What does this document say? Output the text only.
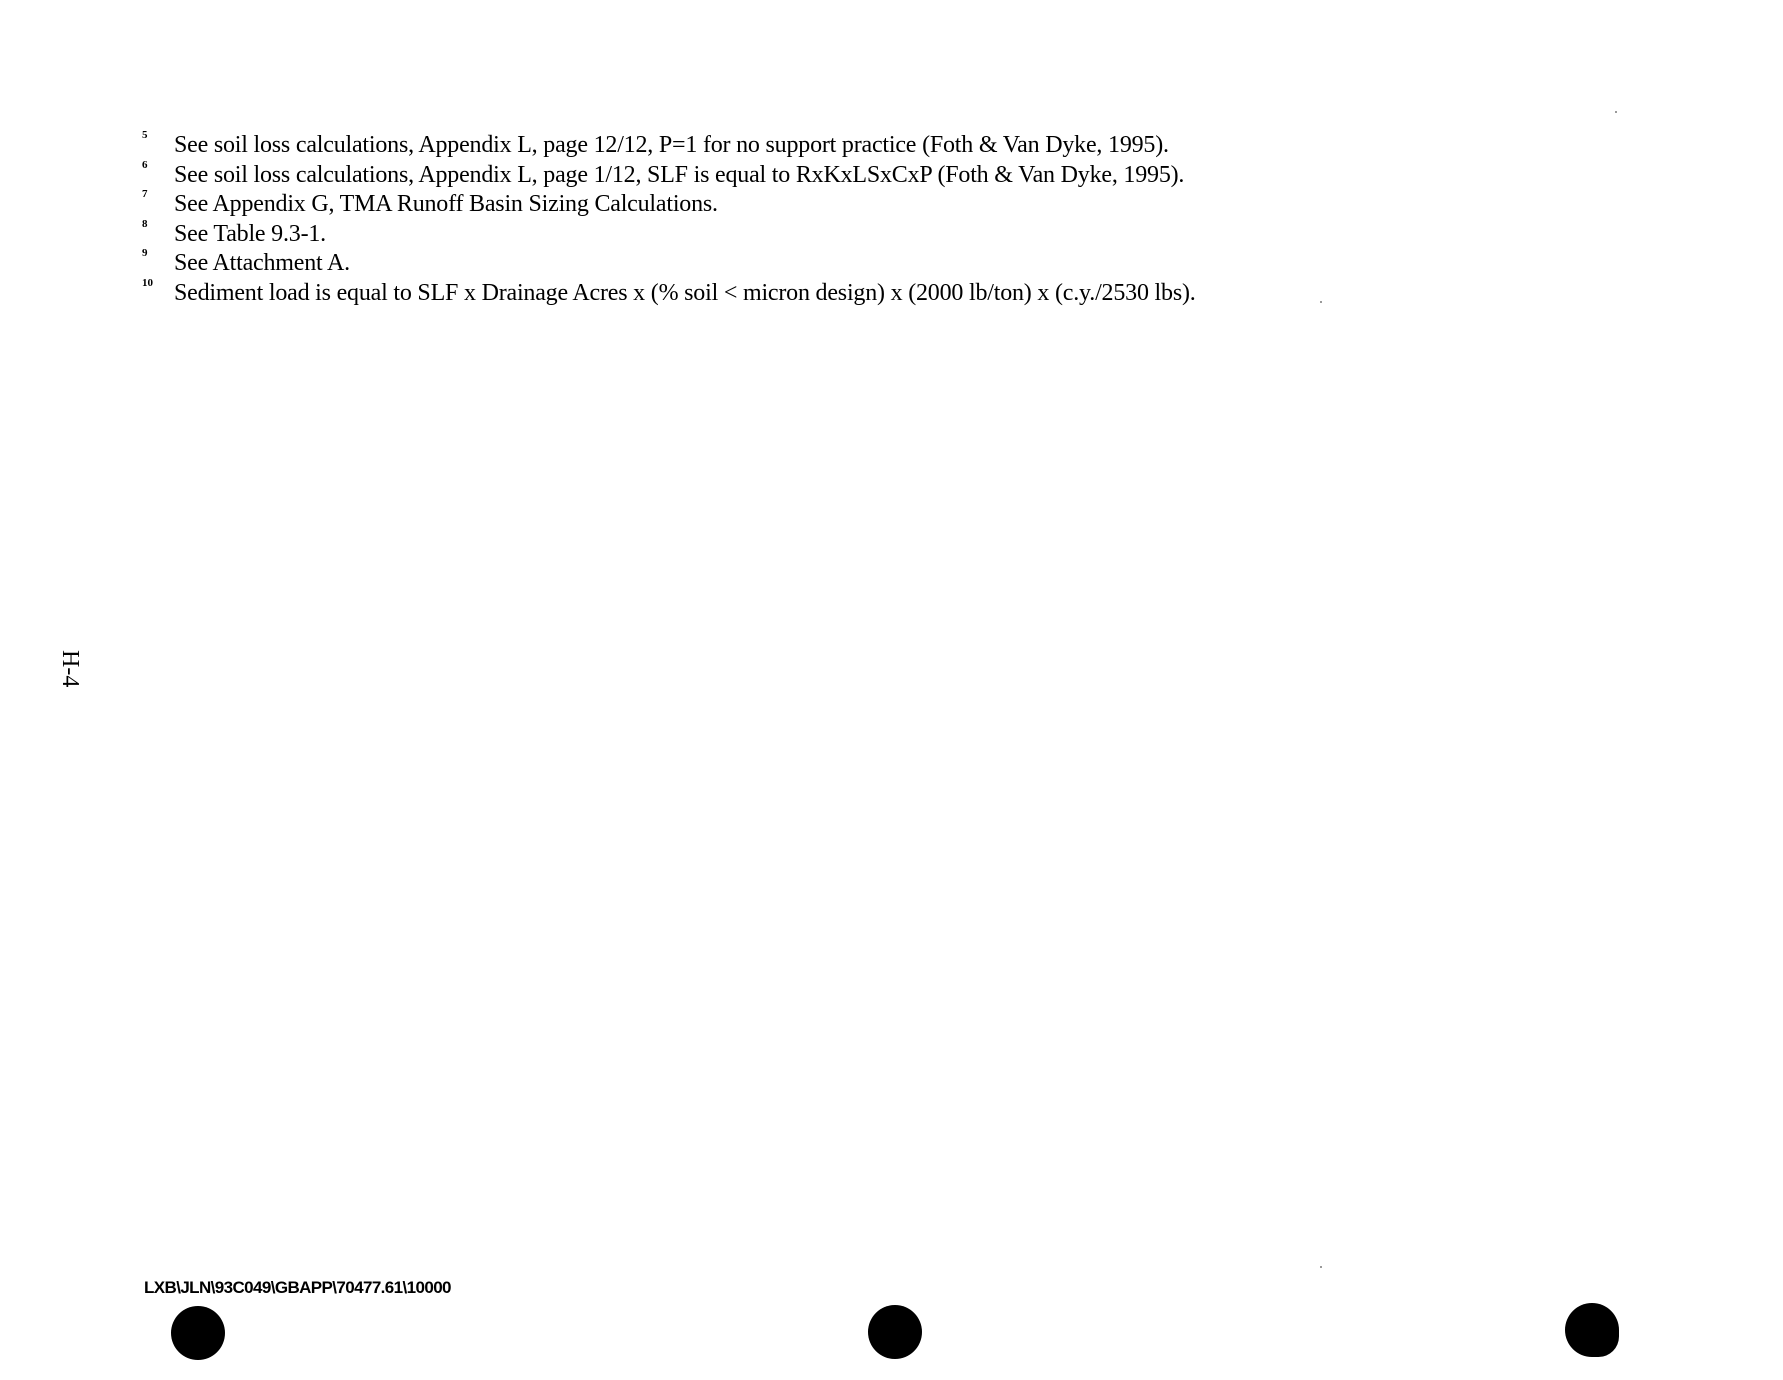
5 See soil loss calculations, Appendix L, page 12/12, P=1 for no support practice (Foth & Van Dyke, 1995).
6 See soil loss calculations, Appendix L, page 1/12, SLF is equal to RxKxLSxCxP (Foth & Van Dyke, 1995).
7 See Appendix G, TMA Runoff Basin Sizing Calculations.
8 See Table 9.3-1.
9 See Attachment A.
10 Sediment load is equal to SLF x Drainage Acres x (% soil < micron design) x (2000 lb/ton) x (c.y./2530 lbs).
H-4
LXB\JLN\93C049\GBAPP\70477.61\10000
